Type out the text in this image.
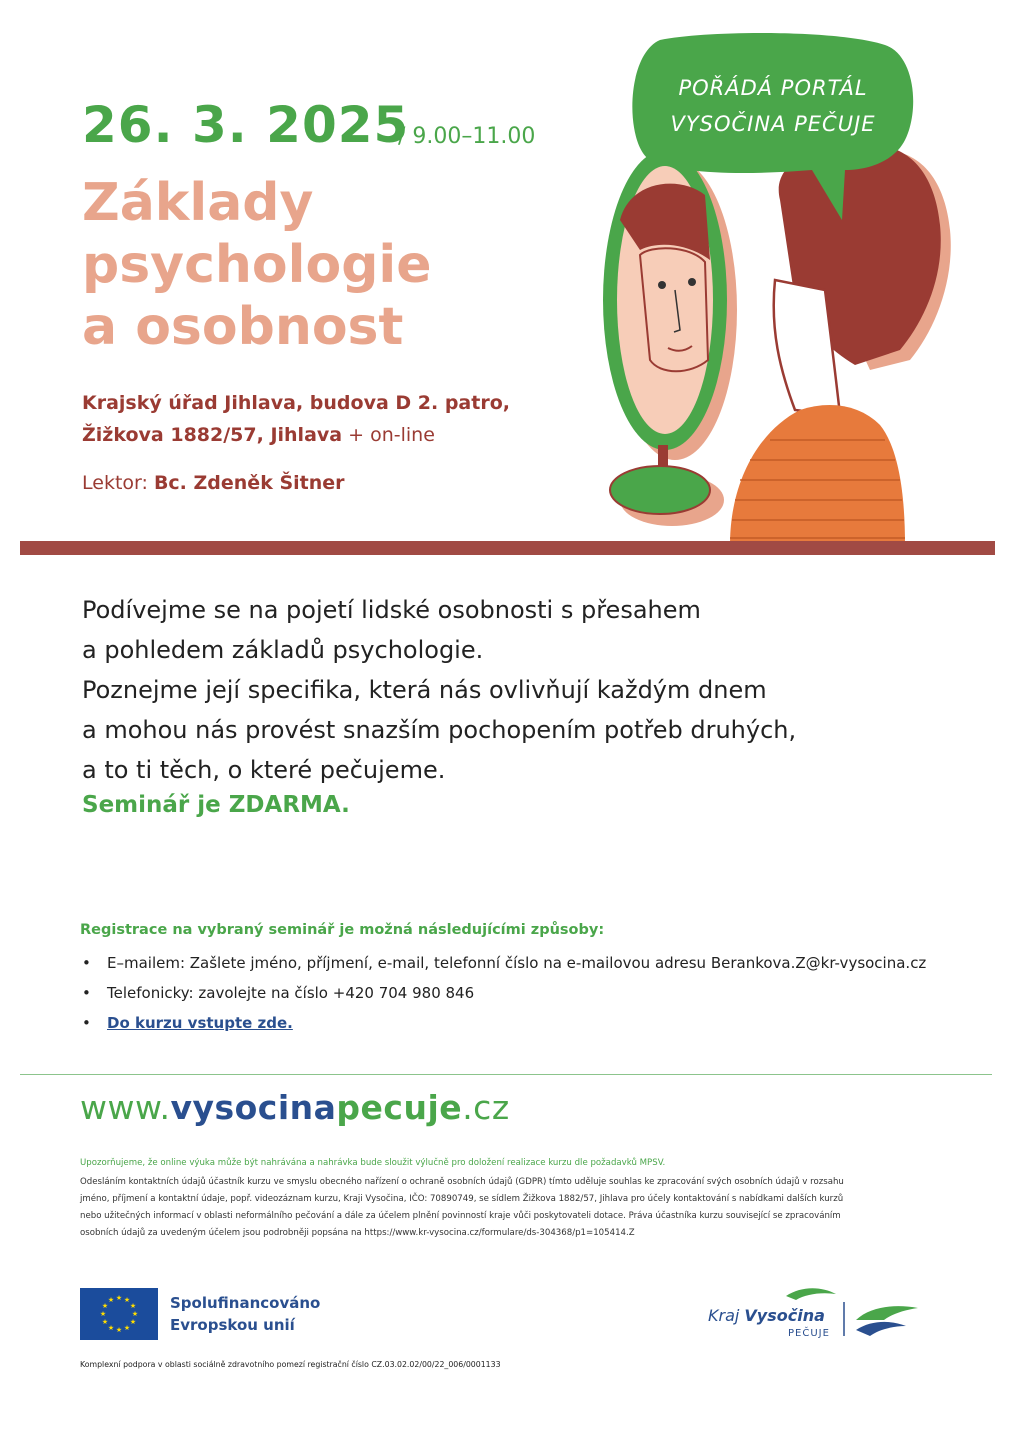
26. 3. 2025
/ 9.00–11.00
Základy
psychologie
a osobnost
Krajský úřad Jihlava, budova D 2. patro,
Žižkova 1882/57, Jihlava + on-line
Lektor: Bc. Zdeněk Šitner
POŘÁDÁ PORTÁL
VYSOČINA PEČUJE
Podívejme se na pojetí lidské osobnosti s přesahem
a pohledem základů psychologie.
Poznejme její specifika, která nás ovlivňují každým dnem
a mohou nás provést snazším pochopením potřeb druhých,
a to ti těch, o které pečujeme.
Seminář je ZDARMA.
Registrace na vybraný seminář je možná následujícími způsoby:
• E–mailem: Zašlete jméno, příjmení, e-mail, telefonní číslo na e-mailovou adresu Berankova.Z@kr-vysocina.cz
• Telefonicky: zavolejte na číslo +420 704 980 846
• Do kurzu vstupte zde.
www.vysocinapecuje.cz
Upozorňujeme, že online výuka může být nahrávána a nahrávka bude sloužit výlučně pro doložení realizace kurzu dle požadavků MPSV.
Odesláním kontaktních údajů účastník kurzu ve smyslu obecného nařízení o ochraně osobních údajů (GDPR) tímto uděluje souhlas ke zpracování svých osobních údajů v rozsahu
jméno, příjmení a kontaktní údaje, popř. videozáznam kurzu, Kraji Vysočina, IČO: 70890749, se sídlem Žižkova 1882/57, Jihlava pro účely kontaktování s nabídkami dalších kurzů
nebo užitečných informací v oblasti neformálního pečování a dále za účelem plnění povinností kraje vůči poskytovateli dotace. Práva účastníka kurzu související se zpracováním
osobních údajů za uvedeným účelem jsou podrobněji popsána na https://www.kr-vysocina.cz/formulare/ds-304368/p1=105414.Z
★ ★
★
★
★
★
★
★
★
★
★
★	Spolufinancováno
Evropskou unií	Kraj Vysočina
PEČUJE
Komplexní podpora v oblasti sociálně zdravotního pomezí registrační číslo CZ.03.02.02/00/22_006/0001133
